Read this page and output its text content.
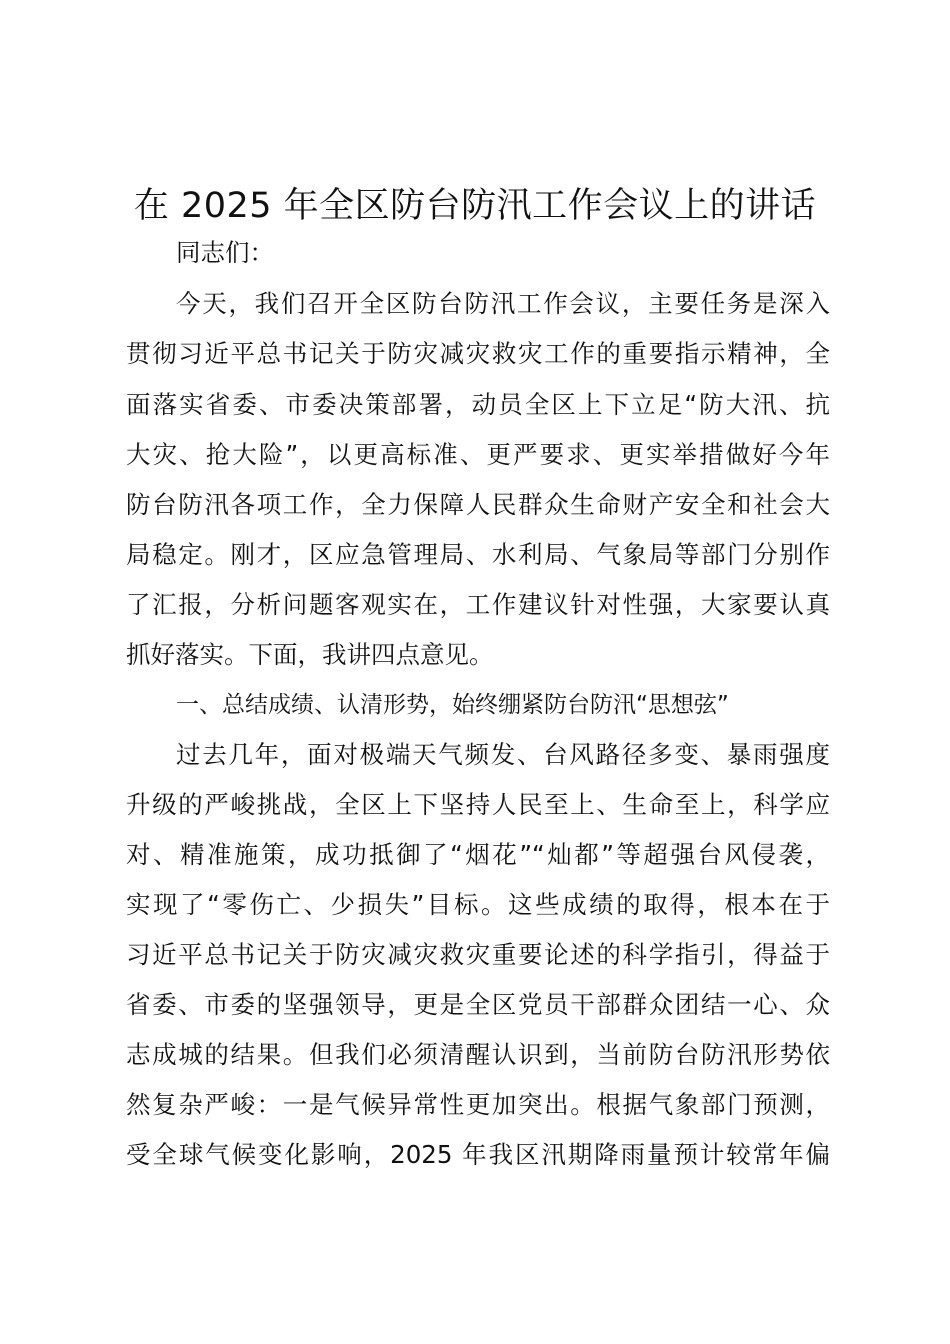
在 2025 年全区防台防汛工作会议上的讲话
同志们：
今天，我们召开全区防台防汛工作会议，主要任务是深入
贯彻习近平总书记关于防灾减灾救灾工作的重要指示精神，全
面落实省委、市委决策部署，动员全区上下立足“防大汛、抗
大灾、抢大险”，以更高标准、更严要求、更实举措做好今年
防台防汛各项工作，全力保障人民群众生命财产安全和社会大
局稳定。刚才，区应急管理局、水利局、气象局等部门分别作
了汇报，分析问题客观实在，工作建议针对性强，大家要认真
抓好落实。下面，我讲四点意见。
一、总结成绩、认清形势，始终绷紧防台防汛“思想弦”
过去几年，面对极端天气频发、台风路径多变、暴雨强度
升级的严峻挑战，全区上下坚持人民至上、生命至上，科学应
对、精准施策，成功抵御了“烟花”“灿都”等超强台风侵袭，
实现了“零伤亡、少损失”目标。这些成绩的取得，根本在于
习近平总书记关于防灾减灾救灾重要论述的科学指引，得益于
省委、市委的坚强领导，更是全区党员干部群众团结一心、众
志成城的结果。但我们必须清醒认识到，当前防台防汛形势依
然复杂严峻：一是气候异常性更加突出。根据气象部门预测，
受全球气候变化影响，2025 年我区汛期降雨量预计较常年偏
